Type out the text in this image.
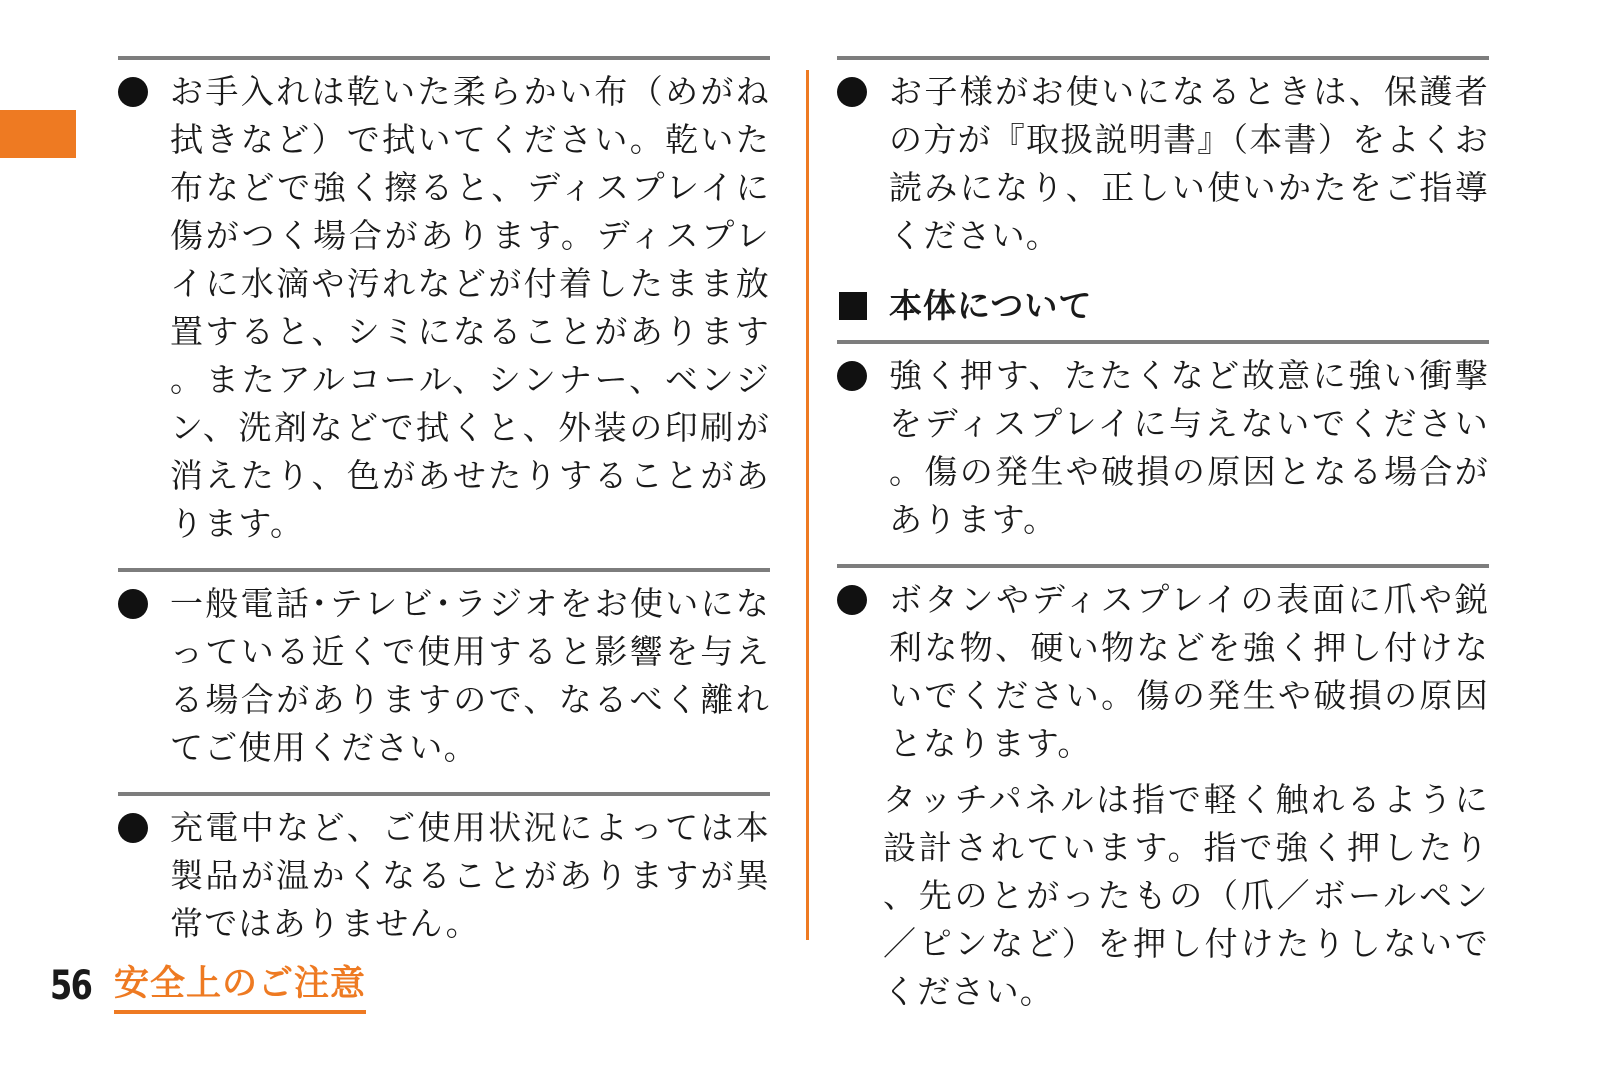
お手入れは乾いた柔らかい布（めがね拭きなど）で拭いてください。乾いた布などで強く擦ると、ディスプレイに傷がつく場合があります。ディスプレイに水滴や汚れなどが付着したまま放置すると、シミになることがあります。またアルコール、シンナー、ベンジン、洗剤などで拭くと、外装の印刷が消えたり、色があせたりすることがあります。

一般電話･テレビ･ラジオをお使いになっている近くで使用すると影響を与える場合がありますので、なるべく離れてご使用ください。

充電中など、ご使用状況によっては本製品が温かくなることがありますが異常ではありません。

お子様がお使いになるときは、保護者の方が『取扱説明書』（本書）をよくお読みになり、正しい使いかたをご指導ください。

本体について

強く押す、たたくなど故意に強い衝撃をディスプレイに与えないでください。傷の発生や破損の原因となる場合があります。

ボタンやディスプレイの表面に爪や鋭利な物、硬い物などを強く押し付けないでください。傷の発生や破損の原因となります。

タッチパネルは指で軽く触れるように設計されています。指で強く押したり、先のとがったもの（爪／ボールペン／ピンなど）を押し付けたりしないでください。

56 安全上のご注意
